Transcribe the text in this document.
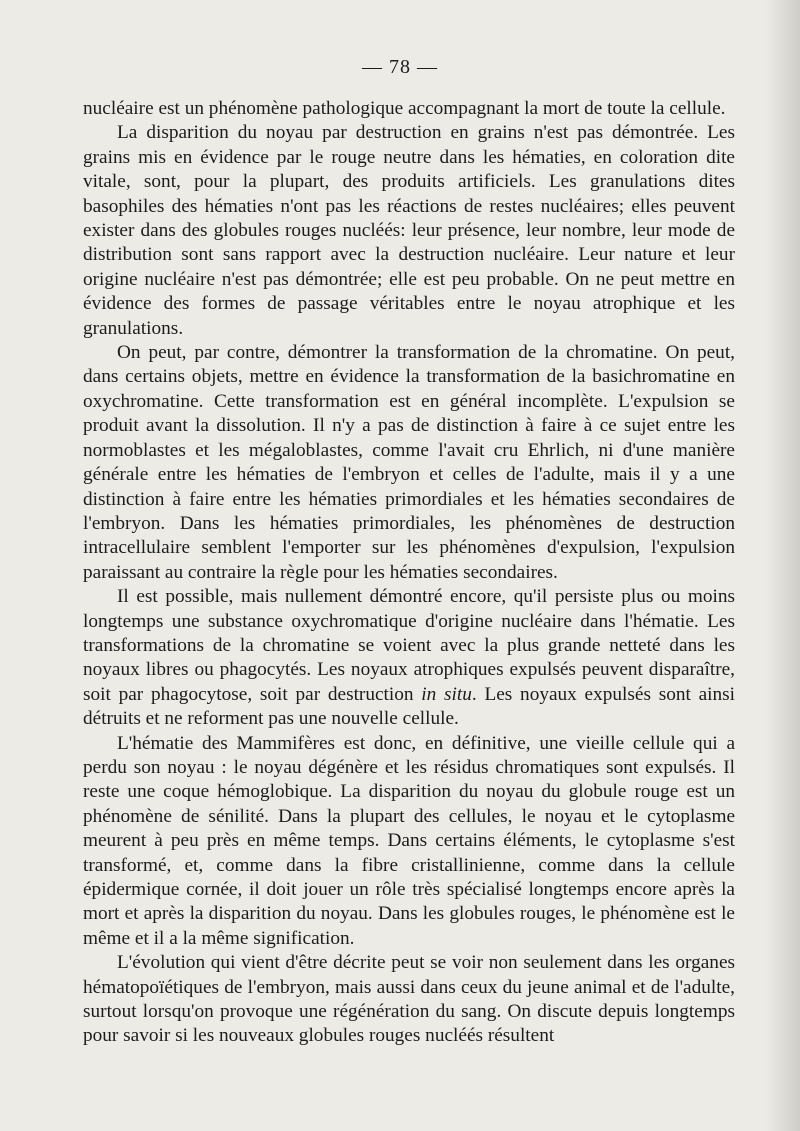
— 78 —

nucléaire est un phénomène pathologique accompagnant la mort de toute la cellule.

La disparition du noyau par destruction en grains n'est pas démontrée. Les grains mis en évidence par le rouge neutre dans les hématies, en coloration dite vitale, sont, pour la plupart, des produits artificiels. Les granulations dites basophiles des hématies n'ont pas les réactions de restes nucléaires; elles peuvent exister dans des globules rouges nucléés: leur présence, leur nombre, leur mode de distribution sont sans rapport avec la destruction nucléaire. Leur nature et leur origine nucléaire n'est pas démontrée; elle est peu probable. On ne peut mettre en évidence des formes de passage véritables entre le noyau atrophique et les granulations.

On peut, par contre, démontrer la transformation de la chromatine. On peut, dans certains objets, mettre en évidence la transformation de la basichromatine en oxychromatine. Cette transformation est en général incomplète. L'expulsion se produit avant la dissolution. Il n'y a pas de distinction à faire à ce sujet entre les normoblastes et les mégaloblastes, comme l'avait cru Ehrlich, ni d'une manière générale entre les hématies de l'embryon et celles de l'adulte, mais il y a une distinction à faire entre les hématies primordiales et les hématies secondaires de l'embryon. Dans les hématies primordiales, les phénomènes de destruction intracellulaire semblent l'emporter sur les phénomènes d'expulsion, l'expulsion paraissant au contraire la règle pour les hématies secondaires.

Il est possible, mais nullement démontré encore, qu'il persiste plus ou moins longtemps une substance oxychromatique d'origine nucléaire dans l'hématie. Les transformations de la chromatine se voient avec la plus grande netteté dans les noyaux libres ou phagocytés. Les noyaux atrophiques expulsés peuvent disparaître, soit par phagocytose, soit par destruction in situ. Les noyaux expulsés sont ainsi détruits et ne reforment pas une nouvelle cellule.

L'hématie des Mammifères est donc, en définitive, une vieille cellule qui a perdu son noyau : le noyau dégénère et les résidus chromatiques sont expulsés. Il reste une coque hémoglobique. La disparition du noyau du globule rouge est un phénomène de sénilité. Dans la plupart des cellules, le noyau et le cytoplasme meurent à peu près en même temps. Dans certains éléments, le cytoplasme s'est transformé, et, comme dans la fibre cristallinienne, comme dans la cellule épidermique cornée, il doit jouer un rôle très spécialisé longtemps encore après la mort et après la disparition du noyau. Dans les globules rouges, le phénomène est le même et il a la même signification.

L'évolution qui vient d'être décrite peut se voir non seulement dans les organes hématopoïétiques de l'embryon, mais aussi dans ceux du jeune animal et de l'adulte, surtout lorsqu'on provoque une régénération du sang. On discute depuis longtemps pour savoir si les nouveaux globules rouges nucléés résultent
